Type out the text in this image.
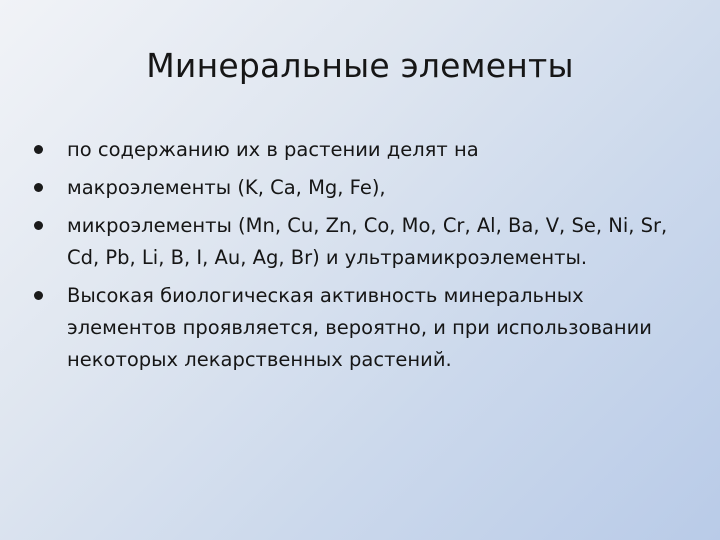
Минеральные элементы
по содержанию их в растении делят на
макроэлементы (K, Ca, Mg, Fe),
микроэлементы (Mn, Cu, Zn, Co, Mo, Cr, Al, Ba, V, Se, Ni, Sr, Cd, Pb, Li, B, I, Au, Ag, Br) и ультрамикроэлементы.
Высокая биологическая активность минеральных элементов проявляется, вероятно, и при использовании некоторых лекарственных растений.
